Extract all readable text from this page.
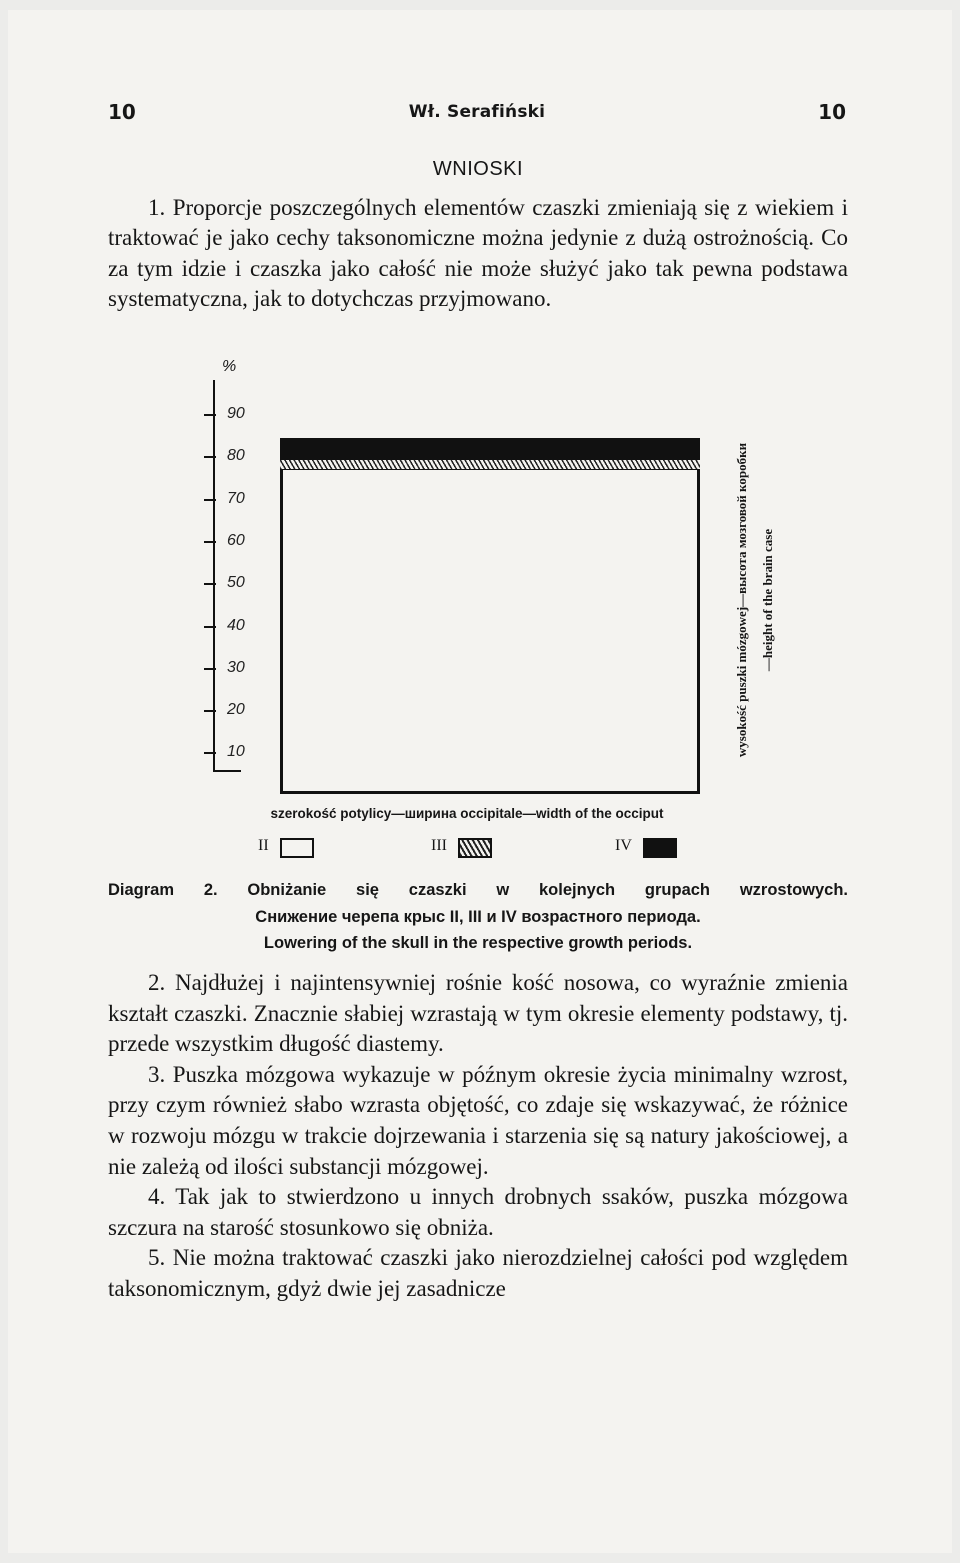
10	Wł. Serafiński	10
WNIOSKI

1. Proporcje poszczególnych elementów czaszki zmieniają się z wiekiem i traktować je jako cechy taksonomiczne można jedynie z dużą ostrożnością. Co za tym idzie i czaszka jako całość nie może służyć jako tak pewna podstawa systematyczna, jak to dotychczas przyjmowano.

%
90
80
70
60
50
40
30
20
10	wysokość puszki mózgowej—высота мозговой коробки —height of the brain case
szerokość potylicy—ширина occipitale—width of the occiput
II	III	IV
Diagram 2. Obniżanie się czaszki w kolejnych grupach wzrostowych.
Снижение черепа крыс II, III и IV возрастного периода.
Lowering of the skull in the respective growth periods.

2. Najdłużej i najintensywniej rośnie kość nosowa, co wyraźnie zmienia kształt czaszki. Znacznie słabiej wzrastają w tym okresie elementy podstawy, tj. przede wszystkim długość diastemy.

3. Puszka mózgowa wykazuje w późnym okresie życia minimalny wzrost, przy czym również słabo wzrasta objętość, co zdaje się wskazywać, że różnice w rozwoju mózgu w trakcie dojrzewania i starzenia się są natury jakościowej, a nie zależą od ilości substancji mózgowej.

4. Tak jak to stwierdzono u innych drobnych ssaków, puszka mózgowa szczura na starość stosunkowo się obniża.

5. Nie można traktować czaszki jako nierozdzielnej całości pod względem taksonomicznym, gdyż dwie jej zasadnicze
